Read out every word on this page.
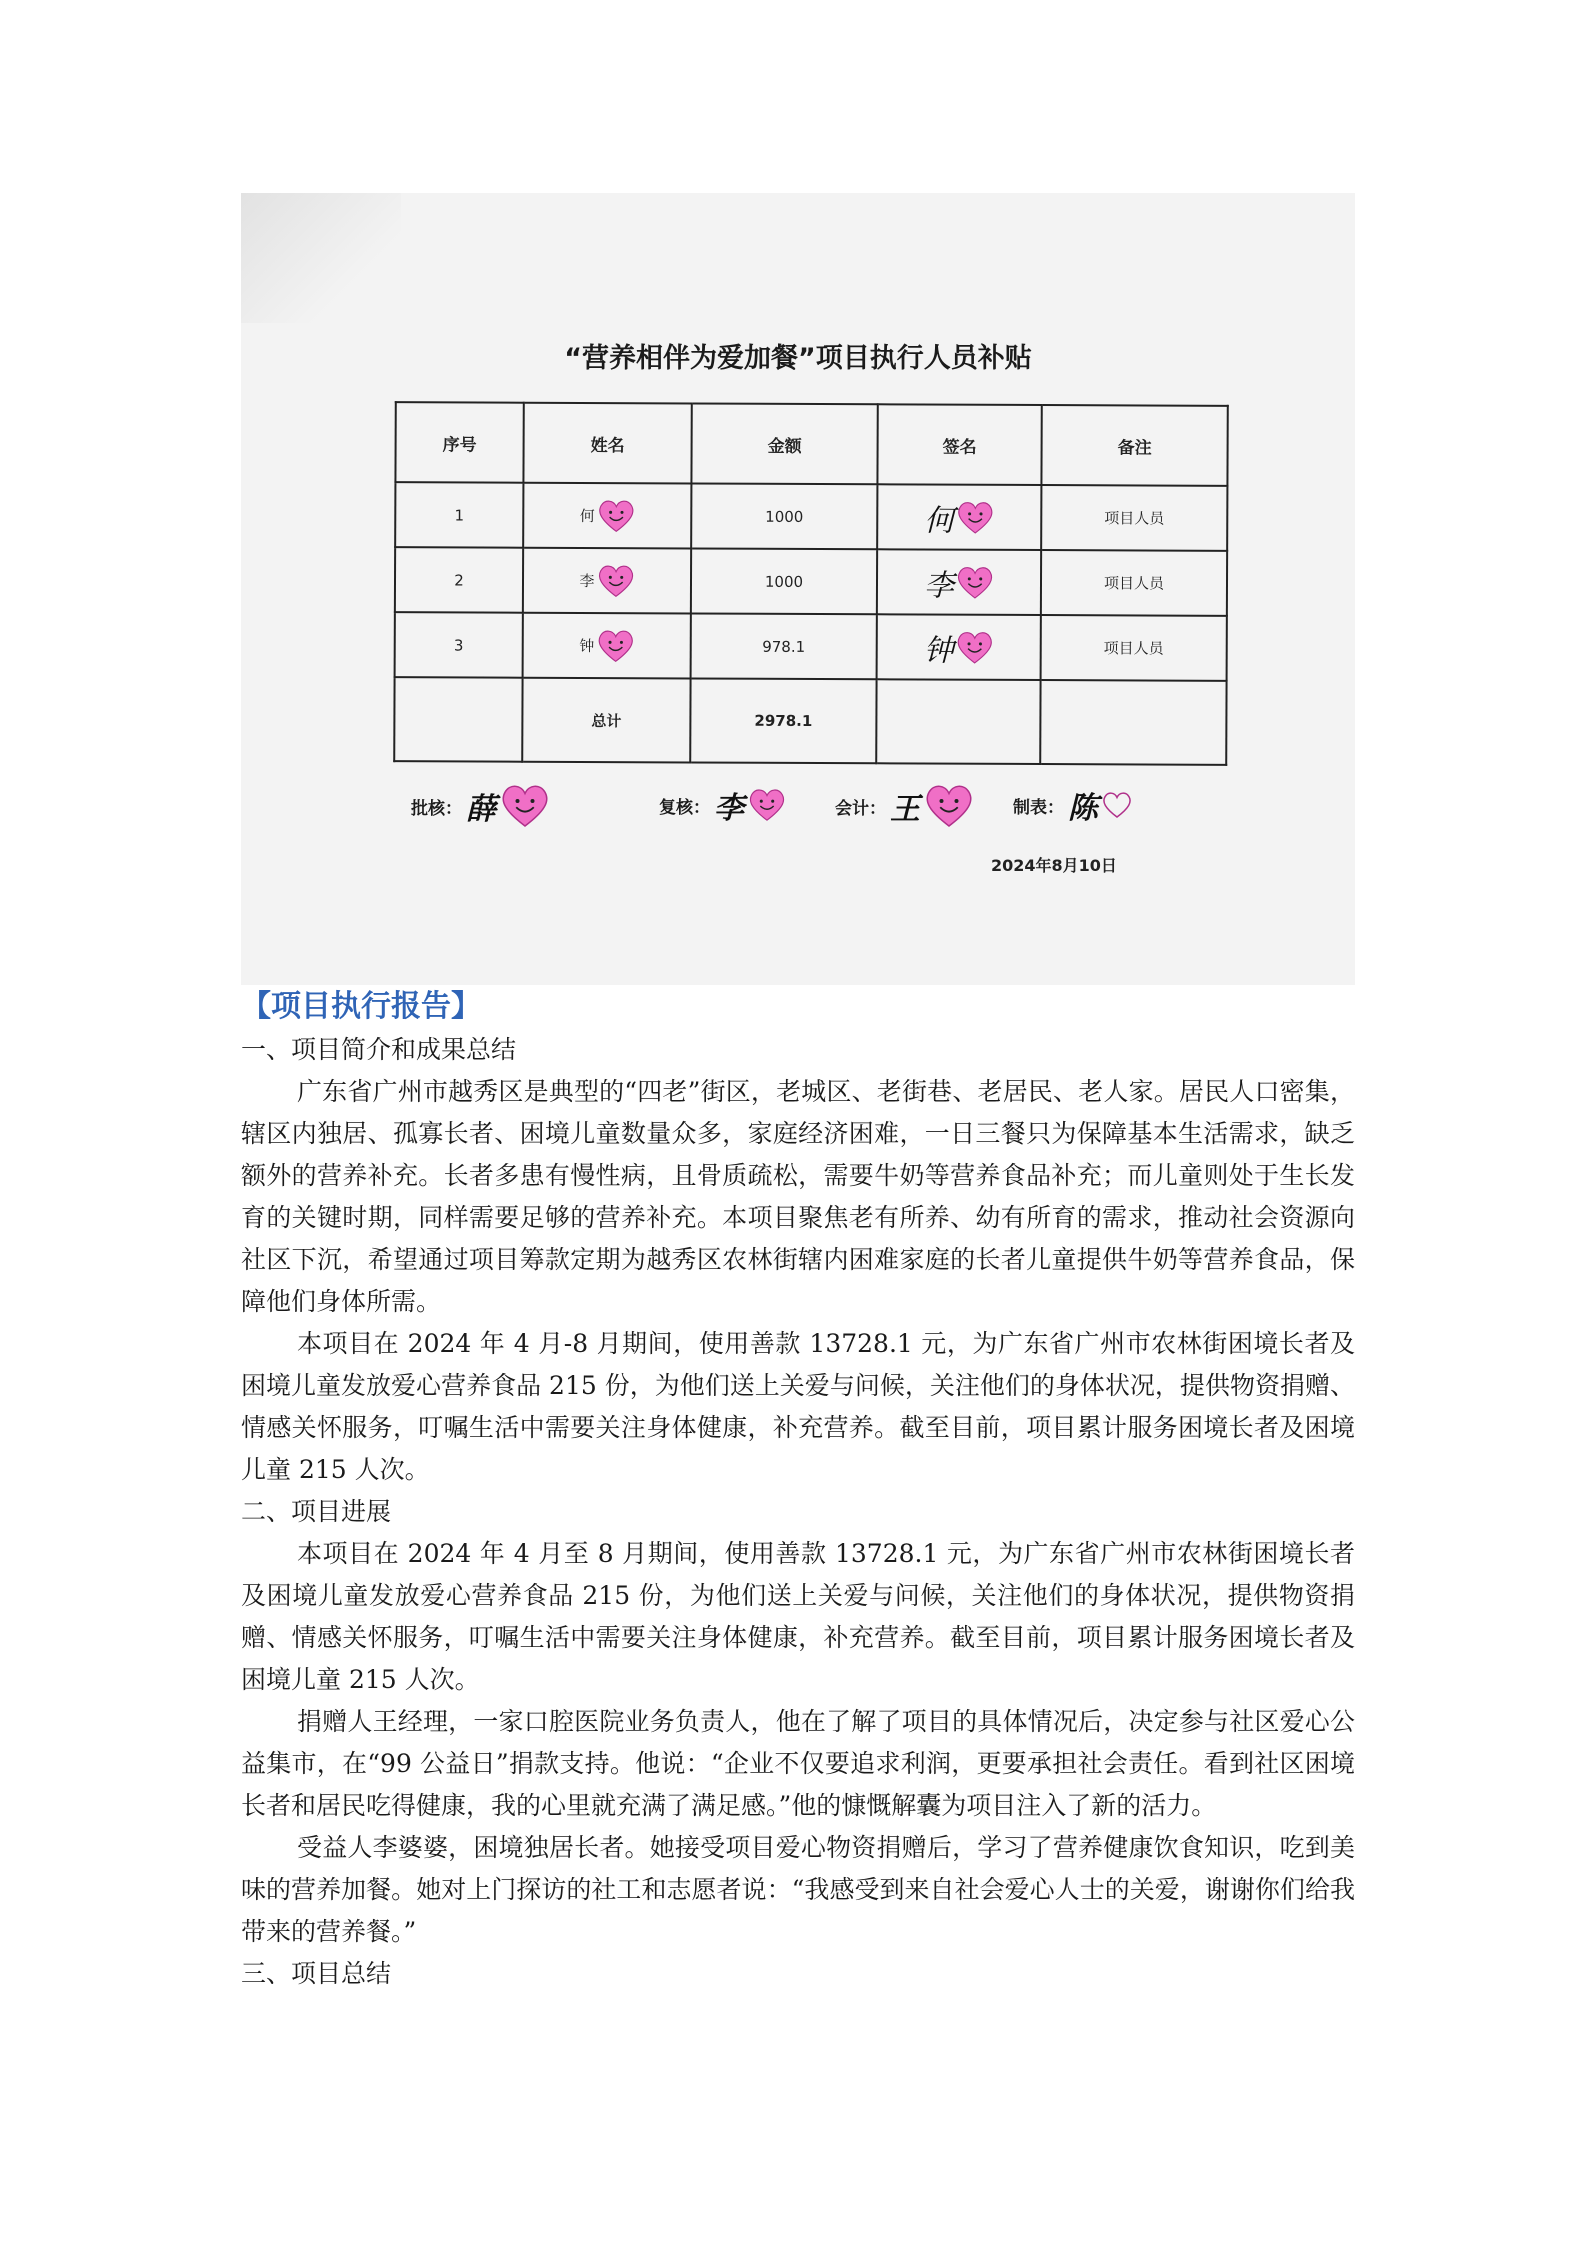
“营养相伴为爱加餐”项目执行人员补贴
序号	姓名	金额	签名	备注
1	何	1000	何	项目人员
2	李	1000	李	项目人员
3	钟	978.1	钟	项目人员
	总计	2978.1		
批核： 薛	复核： 李	会计： 王	制表： 陈
2024年8月10日

【项目执行报告】

一、项目简介和成果总结

广东省广州市越秀区是典型的“四老”街区，老城区、老街巷、老居民、老人家。居民人口密集，辖区内独居、孤寡长者、困境儿童数量众多，家庭经济困难，一日三餐只为保障基本生活需求，缺乏额外的营养补充。长者多患有慢性病，且骨质疏松，需要牛奶等营养食品补充；而儿童则处于生长发育的关键时期，同样需要足够的营养补充。本项目聚焦老有所养、幼有所育的需求，推动社会资源向社区下沉，希望通过项目筹款定期为越秀区农林街辖内困难家庭的长者儿童提供牛奶等营养食品，保障他们身体所需。

本项目在 2024 年 4 月-8 月期间，使用善款 13728.1 元，为广东省广州市农林街困境长者及困境儿童发放爱心营养食品 215 份，为他们送上关爱与问候，关注他们的身体状况，提供物资捐赠、情感关怀服务，叮嘱生活中需要关注身体健康，补充营养。截至目前，项目累计服务困境长者及困境儿童 215 人次。

二、项目进展

本项目在 2024 年 4 月至 8 月期间，使用善款 13728.1 元，为广东省广州市农林街困境长者及困境儿童发放爱心营养食品 215 份，为他们送上关爱与问候，关注他们的身体状况，提供物资捐赠、情感关怀服务，叮嘱生活中需要关注身体健康，补充营养。截至目前，项目累计服务困境长者及困境儿童 215 人次。

捐赠人王经理，一家口腔医院业务负责人，他在了解了项目的具体情况后，决定参与社区爱心公益集市，在“99 公益日”捐款支持。他说：“企业不仅要追求利润，更要承担社会责任。看到社区困境长者和居民吃得健康，我的心里就充满了满足感。”他的慷慨解囊为项目注入了新的活力。

受益人李婆婆，困境独居长者。她接受项目爱心物资捐赠后，学习了营养健康饮食知识，吃到美味的营养加餐。她对上门探访的社工和志愿者说：“我感受到来自社会爱心人士的关爱，谢谢你们给我带来的营养餐。”

三、项目总结
